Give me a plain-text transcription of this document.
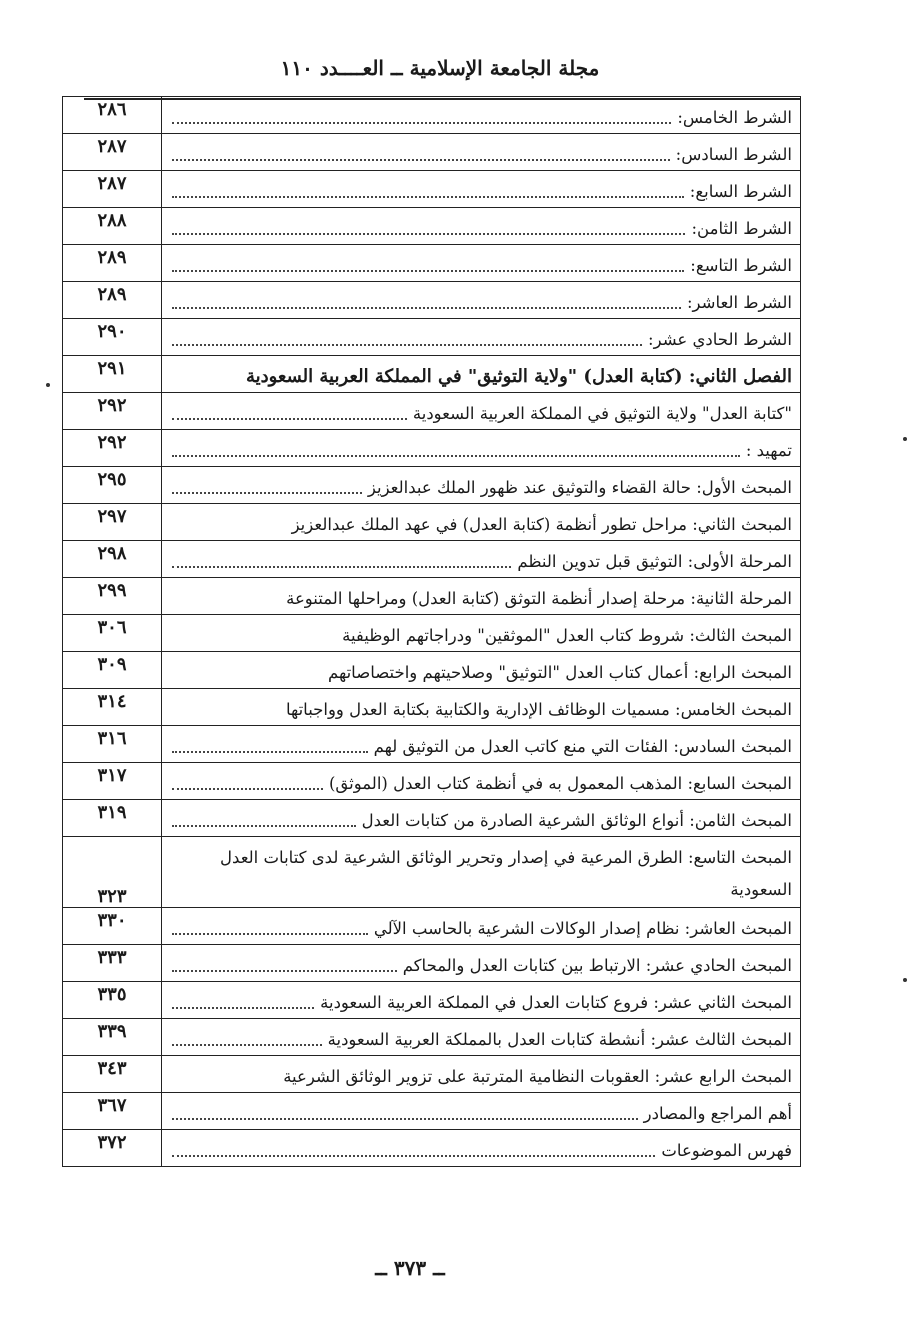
مجلة الجامعة الإسلامية ــ العــــدد ١١٠
الشرط الخامس:	٢٨٦

الشرط السادس:	٢٨٧

الشرط السابع:	٢٨٧

الشرط الثامن:	٢٨٨

الشرط التاسع:	٢٨٩

الشرط العاشر:	٢٨٩

الشرط الحادي عشر:	٢٩٠

الفصل الثاني: (كتابة العدل) "ولاية التوثيق" في المملكة العربية السعودية	٢٩١

"كتابة العدل" ولاية التوثيق في المملكة العربية السعودية	٢٩٢

تمهيد :	٢٩٢

المبحث الأول: حالة القضاء والتوثيق عند ظهور الملك عبدالعزيز	٢٩٥

المبحث الثاني: مراحل تطور أنظمة (كتابة العدل) في عهد الملك عبدالعزيز	٢٩٧

المرحلة الأولى: التوثيق قبل تدوين النظم	٢٩٨

المرحلة الثانية: مرحلة إصدار أنظمة التوثق (كتابة العدل) ومراحلها المتنوعة	٢٩٩

المبحث الثالث: شروط كتاب العدل "الموثقين" ودراجاتهم الوظيفية	٣٠٦

المبحث الرابع: أعمال كتاب العدل "التوثيق" وصلاحيتهم واختصاصاتهم	٣٠٩

المبحث الخامس: مسميات الوظائف الإدارية والكتابية بكتابة العدل وواجباتها	٣١٤

المبحث السادس: الفئات التي منع كاتب العدل من التوثيق لهم	٣١٦

المبحث السابع: المذهب المعمول به في أنظمة كتاب العدل (الموثق)	٣١٧

المبحث الثامن: أنواع الوثائق الشرعية الصادرة من كتابات العدل	٣١٩

المبحث التاسع: الطرق المرعية في إصدار وتحرير الوثائق الشرعية لدى كتابات العدل السعودية	٣٢٣

المبحث العاشر: نظام إصدار الوكالات الشرعية بالحاسب الآلي	٣٣٠

المبحث الحادي عشر: الارتباط بين كتابات العدل والمحاكم	٣٣٣

المبحث الثاني عشر: فروع كتابات العدل في المملكة العربية السعودية	٣٣٥

المبحث الثالث عشر: أنشطة كتابات العدل بالمملكة العربية السعودية	٣٣٩

المبحث الرابع عشر: العقوبات النظامية المترتبة على تزوير الوثائق الشرعية	٣٤٣

أهم المراجع والمصادر	٣٦٧

فهرس الموضوعات	٣٧٢
ــ ٣٧٣ ــ
